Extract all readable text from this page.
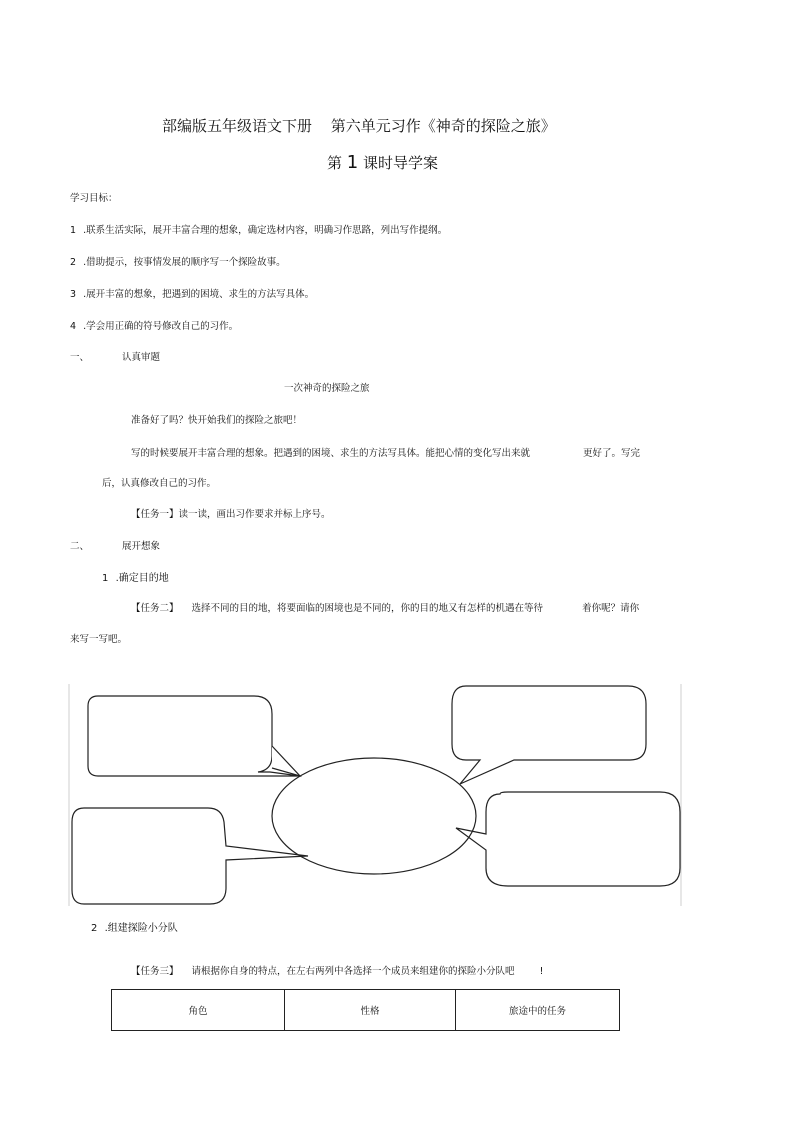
部编版五年级语文下册 第六单元习作《神奇的探险之旅》
第 1 课时导学案
学习目标：
1 .联系生活实际，展开丰富合理的想象，确定选材内容，明确习作思路，列出写作提纲。
2 .借助提示，按事情发展的顺序写一个探险故事。
3 .展开丰富的想象，把遇到的困境、求生的方法写具体。
4 .学会用正确的符号修改自己的习作。
一、	认真审题
一次神奇的探险之旅
准备好了吗？快开始我们的探险之旅吧！
写的时候要展开丰富合理的想象。把遇到的困境、求生的方法写具体。能把心情的变化写出来就	更好了。写完
后，认真修改自己的习作。
【任务一】读一读，画出习作要求并标上序号。
二、	展开想象
1 .确定目的地
【任务二】 选择不同的目的地，将要面临的困境也是不同的，你的目的地又有怎样的机遇在等待	着你呢？请你
来写一写吧。
2 .组建探险小分队
【任务三】 请根据你自身的特点，在左右两列中各选择一个成员来组建你的探险小分队吧	!
角色	性格	旅途中的任务
